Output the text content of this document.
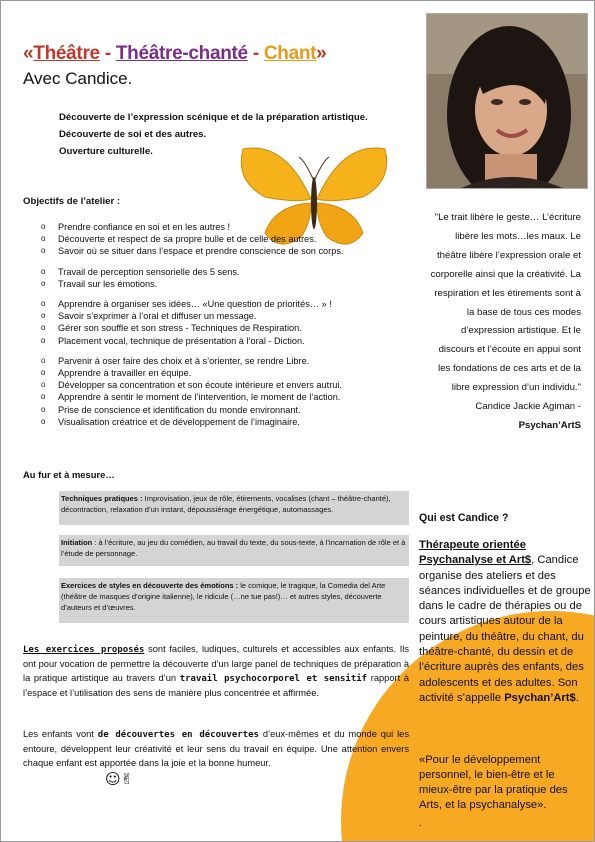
«Théâtre - Théâtre-chanté - Chant»
Avec Candice.
Découverte de l’expression scénique et de la préparation artistique.
Découverte de soi et des autres.
Ouverture culturelle.
Objectifs de l’atelier :
o Prendre confiance en soi et en les autres !
o Découverte et respect de sa propre bulle et de celle des autres.
o Savoir où se situer dans l’espace et prendre conscience de son corps.
o Travail de perception sensorielle des 5 sens.
o Travail sur les émotions.
o Apprendre à organiser ses idées… «Une question de priorités… » !
o Savoir s’exprimer à l’oral et diffuser un message.
o Gérer son souffle et son stress - Techniques de Respiration.
o Placement vocal, technique de présentation à l’oral - Diction.
o Parvenir à oser faire des choix et à s’orienter, se rendre Libre.
o Apprendre à travailler en équipe.
o Développer sa concentration et son écoute intérieure et envers autrui.
o Apprendre à sentir le moment de l’intervention, le moment de l’action.
o Prise de conscience et identification du monde environnant.
o Visualisation créatrice et de développement de l’imaginaire.
Au fur et à mesure…
Techniques pratiques : Improvisation, jeux de rôle, étirements, vocalises (chant – théâtre-chanté), décontraction, relaxation d’un instant, dépoussiérage énergétique, automassages.
Initiation : à l’écriture, au jeu du comédien, au travail du texte, du sous-texte, à l’incarnation de rôle et à l’étude de personnage.
Exercices de styles en découverte des émotions : le comique, le tragique, la Comedia del Arte (théâtre de masques d’origine italienne), le ridicule (…ne tue pas!)… et autres styles, découverte d’auteurs et d’œuvres.
Les exercices proposés sont faciles, ludiques, culturels et accessibles aux enfants. Ils ont pour vocation de permettre la découverte d’un large panel de techniques de préparation à la pratique artistique au travers d’un travail psychocorporel et sensitif rapport à l’espace et l’utilisation des sens de manière plus concentrée et affirmée.
Les enfants vont de découvertes en découvertes d’eux-mêmes et du monde qui les entoure, développent leur créativité et leur sens du travail en équipe. Une attention envers chaque enfant est apportée dans la joie et la bonne humeur.
☺✌
"Le trait libère le geste… L’écriture libère les mots…les maux. Le théâtre libère l’expression orale et corporelle ainsi que la créativité. La respiration et les étirements sont à la base de tous ces modes d’expression artistique. Et le discours et l’écoute en appui sont les fondations de ces arts et de la libre expression d’un individu."
Candice Jackie Agiman -
Psychan’ArtS
Qui est Candice ?
Thérapeute orientée Psychanalyse et Art$, Candice organise des ateliers et des séances individuelles et de groupe dans le cadre de thérapies ou de cours artistiques autour de la peinture, du théâtre, du chant, du théâtre-chanté, du dessin et de l’écriture auprès des enfants, des adolescents et des adultes. Son activité s’appelle Psychan’Art$.
«Pour le développement personnel, le bien-être et le mieux-être par la pratique des Arts, et la psychanalyse».
.
